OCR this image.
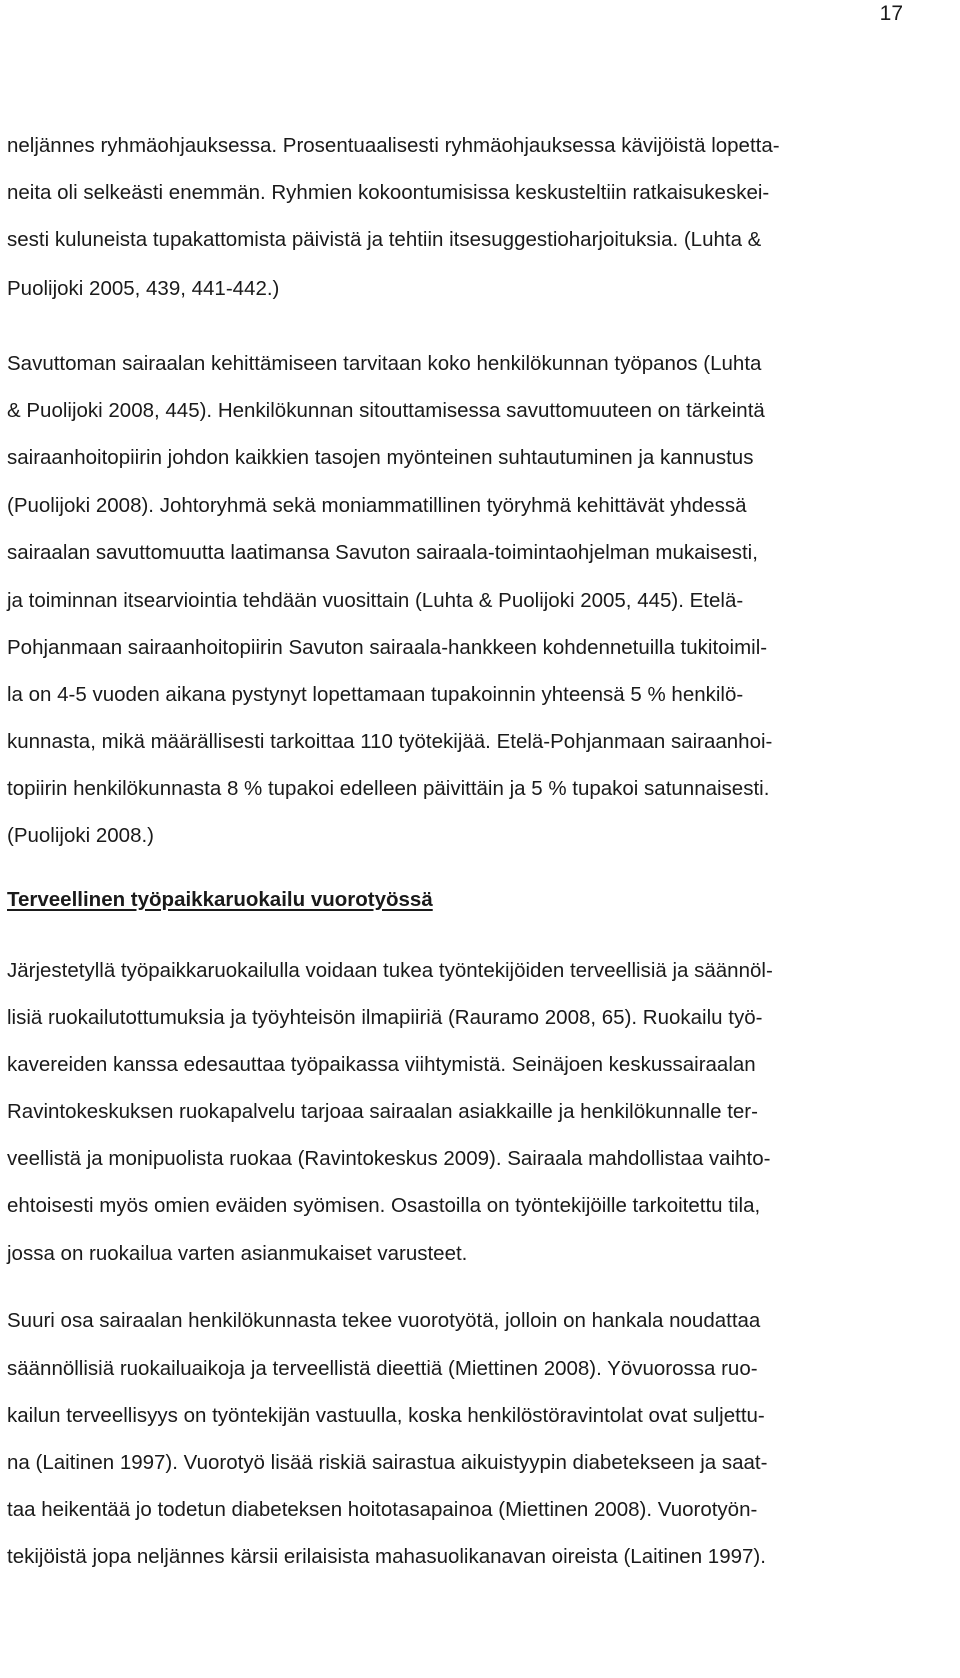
17
neljännes ryhmäohjauksessa. Prosentuaalisesti ryhmäohjauksessa kävijöistä lopetta-
neita oli selkeästi enemmän. Ryhmien kokoontumisissa keskusteltiin ratkaisukeskei-
sesti kuluneista tupakattomista päivistä ja tehtiin itsesuggestioharjoituksia. (Luhta &
Puolijoki 2005, 439, 441-442.)
Savuttoman sairaalan kehittämiseen tarvitaan koko henkilökunnan työpanos (Luhta
& Puolijoki 2008, 445). Henkilökunnan sitouttamisessa savuttomuuteen on tärkeintä
sairaanhoitopiirin johdon kaikkien tasojen myönteinen suhtautuminen ja kannustus
(Puolijoki 2008). Johtoryhmä sekä moniammatillinen työryhmä kehittävät yhdessä
sairaalan savuttomuutta laatimansa Savuton sairaala-toimintaohjelman mukaisesti,
ja toiminnan itsearviointia tehdään vuosittain (Luhta & Puolijoki 2005, 445). Etelä-
Pohjanmaan sairaanhoitopiirin Savuton sairaala-hankkeen kohdennetuilla tukitoimil-
la on 4-5 vuoden aikana pystynyt lopettamaan tupakoinnin yhteensä 5 % henkilö-
kunnasta, mikä määrällisesti tarkoittaa 110 työtekijää. Etelä-Pohjanmaan sairaanhoi-
topiirin henkilökunnasta 8 % tupakoi edelleen päivittäin ja 5 % tupakoi satunnaisesti.
(Puolijoki 2008.)
Terveellinen työpaikkaruokailu vuorotyössä
Järjestetyllä työpaikkaruokailulla voidaan tukea työntekijöiden terveellisiä ja säännöl-
lisiä ruokailutottumuksia ja työyhteisön ilmapiiriä (Rauramo 2008, 65). Ruokailu työ-
kavereiden kanssa edesauttaa työpaikassa viihtymistä. Seinäjoen keskussairaalan
Ravintokeskuksen ruokapalvelu tarjoaa sairaalan asiakkaille ja henkilökunnalle ter-
veellistä ja monipuolista ruokaa (Ravintokeskus 2009). Sairaala mahdollistaa vaihto-
ehtoisesti myös omien eväiden syömisen. Osastoilla on työntekijöille tarkoitettu tila,
jossa on ruokailua varten asianmukaiset varusteet.
Suuri osa sairaalan henkilökunnasta tekee vuorotyötä, jolloin on hankala noudattaa
säännöllisiä ruokailuaikoja ja terveellistä dieettiä (Miettinen 2008). Yövuorossa ruo-
kailun terveellisyys on työntekijän vastuulla, koska henkilöstöravintolat ovat suljettu-
na (Laitinen 1997). Vuorotyö lisää riskiä sairastua aikuistyypin diabetekseen ja saat-
taa heikentää jo todetun diabeteksen hoitotasapainoa (Miettinen 2008). Vuorotyön-
tekijöistä jopa neljännes kärsii erilaisista mahasuolikanavan oireista (Laitinen 1997).
